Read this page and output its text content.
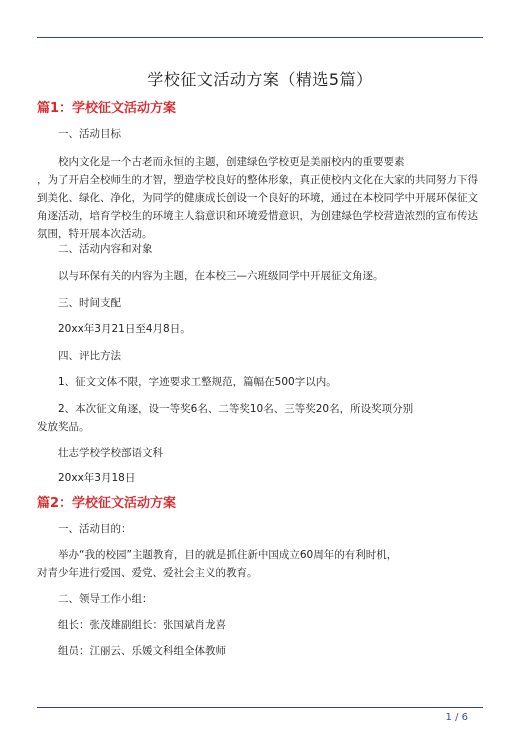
学校征文活动方案（精选5篇）
篇1：学校征文活动方案

一、活动目标

校内文化是一个古老而永恒的主题，创建绿色学校更是美丽校内的重要要素

，为了开启全校师生的才智，塑造学校良好的整体形象，真正使校内文化在大家的共同努力下得

到美化、绿化、净化，为同学的健康成长创设一个良好的环境，通过在本校同学中开展环保征文

角逐活动，培育学校生的环境主人翁意识和环境爱惜意识，为创建绿色学校营造浓烈的宣布传达

氛围，特开展本次活动。

二、活动内容和对象

以与环保有关的内容为主题，在本校三—六班级同学中开展征文角逐。

三、时间支配

20xx年3月21日至4月8日。

四、评比方法

1、征文文体不限，字迹要求工整规范，篇幅在500字以内。

2、本次征文角逐，设一等奖6名、二等奖10名、三等奖20名，所设奖项分别

发放奖品。

壮志学校学校部语文科

20xx年3月18日

篇2：学校征文活动方案

一、活动目的：

举办“我的校园”主题教育，目的就是抓住新中国成立60周年的有利时机，

对青少年进行爱国、爱党、爱社会主义的教育。

二、领导工作小组：

组长：张茂雄副组长：张国斌肖龙喜

组员：江丽云、乐媛文科组全体教师

1 / 6
